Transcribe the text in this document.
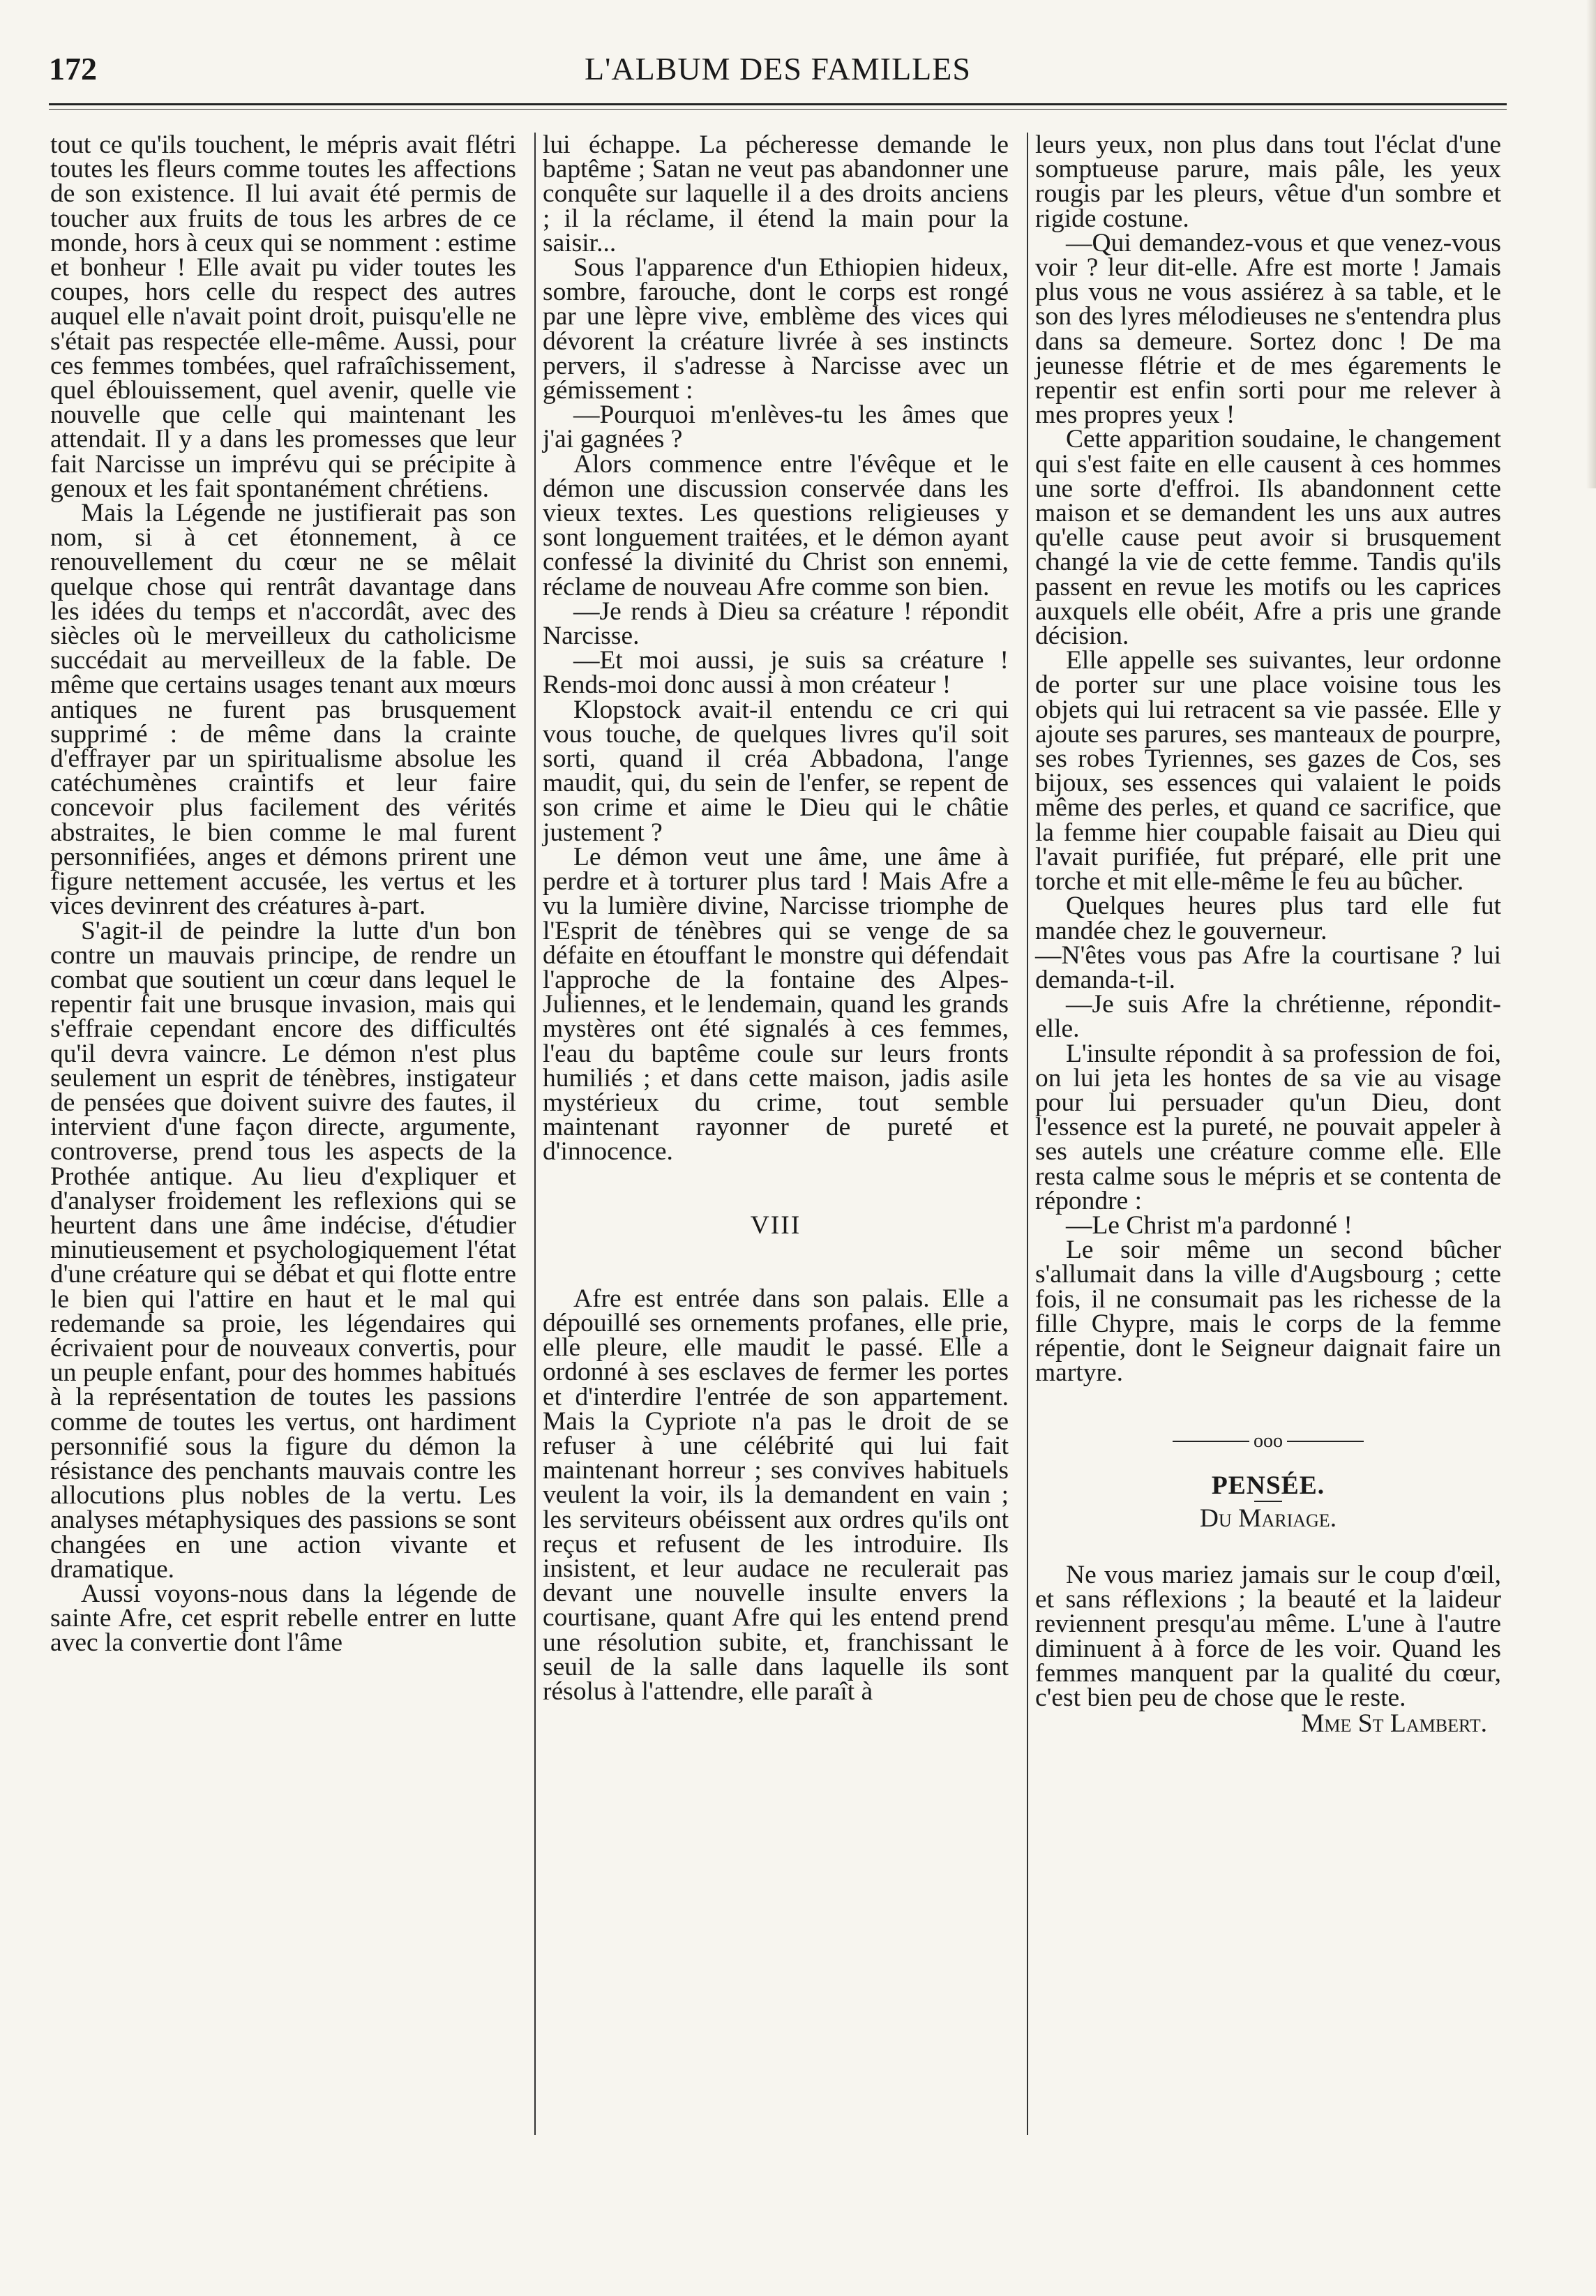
172	L'ALBUM DES FAMILLES

tout ce qu'ils touchent, le mépris avait flétri toutes les fleurs comme toutes les affections de son existence. Il lui avait été permis de toucher aux fruits de tous les arbres de ce monde, hors à ceux qui se nomment : estime et bonheur ! Elle avait pu vider toutes les coupes, hors celle du respect des autres auquel elle n'avait point droit, puisqu'elle ne s'était pas respectée elle-même. Aussi, pour ces femmes tombées, quel rafraîchissement, quel éblouissement, quel avenir, quelle vie nouvelle que celle qui maintenant les attendait. Il y a dans les promesses que leur fait Narcisse un imprévu qui se précipite à genoux et les fait spontanément chrétiens.

Mais la Légende ne justifierait pas son nom, si à cet étonnement, à ce renouvellement du cœur ne se mêlait quelque chose qui rentrât davantage dans les idées du temps et n'accordât, avec des siècles où le merveilleux du catholicisme succédait au merveilleux de la fable. De même que certains usages tenant aux mœurs antiques ne furent pas brusquement supprimé : de même dans la crainte d'effrayer par un spiritualisme absolue les catéchumènes craintifs et leur faire concevoir plus facilement des vérités abstraites, le bien comme le mal furent personnifiées, anges et démons prirent une figure nettement accusée, les vertus et les vices devinrent des créatures à-part.

S'agit-il de peindre la lutte d'un bon contre un mauvais principe, de rendre un combat que soutient un cœur dans lequel le repentir fait une brusque invasion, mais qui s'effraie cependant encore des difficultés qu'il devra vaincre. Le démon n'est plus seulement un esprit de ténèbres, instigateur de pensées que doivent suivre des fautes, il intervient d'une façon directe, argumente, controverse, prend tous les aspects de la Prothée antique. Au lieu d'expliquer et d'analyser froidement les reflexions qui se heurtent dans une âme indécise, d'étudier minutieusement et psychologiquement l'état d'une créature qui se débat et qui flotte entre le bien qui l'attire en haut et le mal qui redemande sa proie, les légendaires qui écrivaient pour de nouveaux convertis, pour un peuple enfant, pour des hommes habitués à la représentation de toutes les passions comme de toutes les vertus, ont hardiment personnifié sous la figure du démon la résistance des penchants mauvais contre les allocutions plus nobles de la vertu. Les analyses métaphysiques des passions se sont changées en une action vivante et dramatique.

Aussi voyons-nous dans la légende de sainte Afre, cet esprit rebelle entrer en lutte avec la convertie dont l'âme

lui échappe. La pécheresse demande le baptême ; Satan ne veut pas abandonner une conquête sur laquelle il a des droits anciens ; il la réclame, il étend la main pour la saisir...

Sous l'apparence d'un Ethiopien hideux, sombre, farouche, dont le corps est rongé par une lèpre vive, emblème des vices qui dévorent la créature livrée à ses instincts pervers, il s'adresse à Narcisse avec un gémissement :

—Pourquoi m'enlèves-tu les âmes que j'ai gagnées ?

Alors commence entre l'évêque et le démon une discussion conservée dans les vieux textes. Les questions religieuses y sont longuement traitées, et le démon ayant confessé la divinité du Christ son ennemi, réclame de nouveau Afre comme son bien.

—Je rends à Dieu sa créature ! répondit Narcisse.

—Et moi aussi, je suis sa créature ! Rends-moi donc aussi à mon créateur !

Klopstock avait-il entendu ce cri qui vous touche, de quelques livres qu'il soit sorti, quand il créa Abbadona, l'ange maudit, qui, du sein de l'enfer, se repent de son crime et aime le Dieu qui le châtie justement ?

Le démon veut une âme, une âme à perdre et à torturer plus tard ! Mais Afre a vu la lumière divine, Narcisse triomphe de l'Esprit de ténèbres qui se venge de sa défaite en étouffant le monstre qui défendait l'approche de la fontaine des Alpes-Juliennes, et le lendemain, quand les grands mystères ont été signalés à ces femmes, l'eau du baptême coule sur leurs fronts humiliés ; et dans cette maison, jadis asile mystérieux du crime, tout semble maintenant rayonner de pureté et d'innocence.

VIII

Afre est entrée dans son palais. Elle a dépouillé ses ornements profanes, elle prie, elle pleure, elle maudit le passé. Elle a ordonné à ses esclaves de fermer les portes et d'interdire l'entrée de son appartement. Mais la Cypriote n'a pas le droit de se refuser à une célébrité qui lui fait maintenant horreur ; ses convives habituels veulent la voir, ils la demandent en vain ; les serviteurs obéissent aux ordres qu'ils ont reçus et refusent de les introduire. Ils insistent, et leur audace ne reculerait pas devant une nouvelle insulte envers la courtisane, quant Afre qui les entend prend une résolution subite, et, franchissant le seuil de la salle dans laquelle ils sont résolus à l'attendre, elle paraît à

leurs yeux, non plus dans tout l'éclat d'une somptueuse parure, mais pâle, les yeux rougis par les pleurs, vêtue d'un sombre et rigide costune.

—Qui demandez-vous et que venez-vous voir ? leur dit-elle. Afre est morte ! Jamais plus vous ne vous assiérez à sa table, et le son des lyres mélodieuses ne s'entendra plus dans sa demeure. Sortez donc ! De ma jeunesse flétrie et de mes égarements le repentir est enfin sorti pour me relever à mes propres yeux !

Cette apparition soudaine, le changement qui s'est faite en elle causent à ces hommes une sorte d'effroi. Ils abandonnent cette maison et se demandent les uns aux autres qu'elle cause peut avoir si brusquement changé la vie de cette femme. Tandis qu'ils passent en revue les motifs ou les caprices auxquels elle obéit, Afre a pris une grande décision.

Elle appelle ses suivantes, leur ordonne de porter sur une place voisine tous les objets qui lui retracent sa vie passée. Elle y ajoute ses parures, ses manteaux de pourpre, ses robes Tyriennes, ses gazes de Cos, ses bijoux, ses essences qui valaient le poids même des perles, et quand ce sacrifice, que la femme hier coupable faisait au Dieu qui l'avait purifiée, fut préparé, elle prit une torche et mit elle-même le feu au bûcher.

Quelques heures plus tard elle fut mandée chez le gouverneur.

—N'êtes vous pas Afre la courtisane ? lui demanda-t-il.

—Je suis Afre la chrétienne, répondit-elle.

L'insulte répondit à sa profession de foi, on lui jeta les hontes de sa vie au visage pour lui persuader qu'un Dieu, dont l'essence est la pureté, ne pouvait appeler à ses autels une créature comme elle. Elle resta calme sous le mépris et se contenta de répondre :

—Le Christ m'a pardonné !

Le soir même un second bûcher s'allumait dans la ville d'Augsbourg ; cette fois, il ne consumait pas les richesse de la fille Chypre, mais le corps de la femme répentie, dont le Seigneur daignait faire un martyre.

ooo
PENSÉE.
Du Mariage.

Ne vous mariez jamais sur le coup d'œil, et sans réflexions ; la beauté et la laideur reviennent presqu'au même. L'une à l'autre diminuent à à force de les voir. Quand les femmes manquent par la qualité du cœur, c'est bien peu de chose que le reste.

Mme St Lambert.
